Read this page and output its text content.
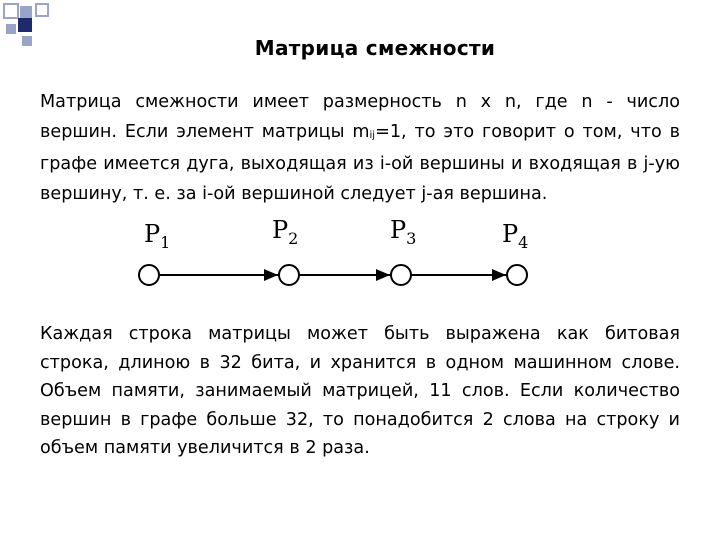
Матрица смежности

Матрица смежности имеет размерность n x n, где n - число вершин. Если элемент матрицы $m_{ij}=1$, то это говорит о том, что в графе имеется дуга, выходящая из i-ой вершины и входящая в j-ую вершину, т. е. за i-ой вершиной следует j-ая вершина.

$P_1$	$P_2$	$P_3$	$P_4$

Каждая строка матрицы может быть выражена как битовая строка, длиною в 32 бита, и хранится в одном машинном слове. Объем памяти, занимаемый матрицей, 11 слов. Если количество вершин в графе больше 32, то понадобится 2 слова на строку и объем памяти увеличится в 2 раза.
